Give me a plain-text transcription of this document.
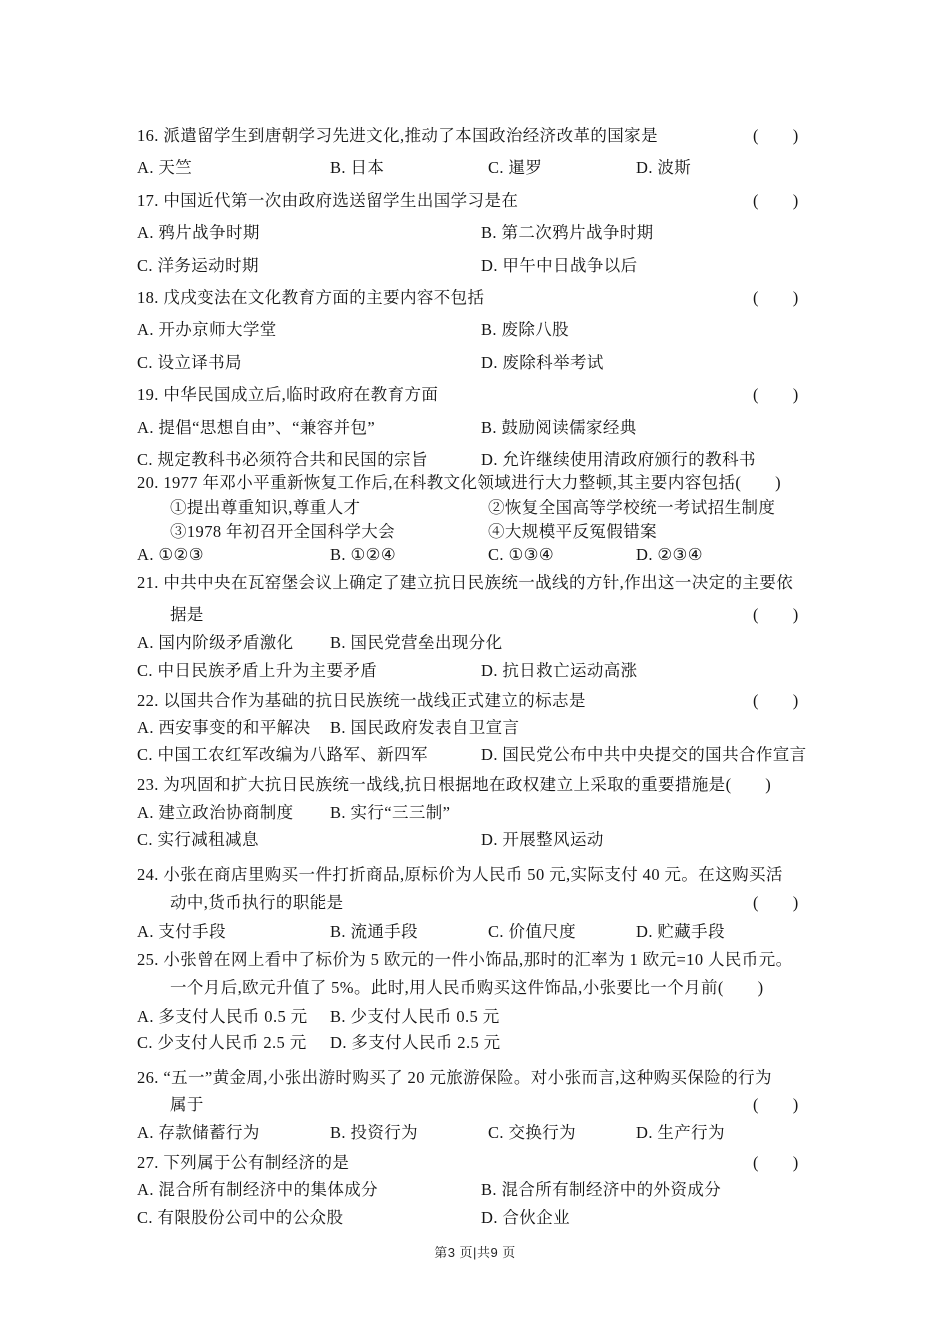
第3 页|共9 页
16. 派遣留学生到唐朝学习先进文化,推动了本国政治经济改革的国家是	(　　)
A. 天竺	B. 日本	C. 暹罗	D. 波斯
17. 中国近代第一次由政府选送留学生出国学习是在	(　　)
A. 鸦片战争时期	B. 第二次鸦片战争时期
C. 洋务运动时期	D. 甲午中日战争以后
18. 戊戌变法在文化教育方面的主要内容不包括	(　　)
A. 开办京师大学堂	B. 废除八股
C. 设立译书局	D. 废除科举考试
19. 中华民国成立后,临时政府在教育方面	(　　)
A. 提倡“思想自由”、“兼容并包”	B. 鼓励阅读儒家经典
C. 规定教科书必须符合共和民国的宗旨	D. 允许继续使用清政府颁行的教科书
20. 1977 年邓小平重新恢复工作后,在科教文化领域进行大力整顿,其主要内容包括(　　)
①提出尊重知识,尊重人才	②恢复全国高等学校统一考试招生制度
③1978 年初召开全国科学大会	④大规模平反冤假错案
A. ①②③	B. ①②④	C. ①③④	D. ②③④
21. 中共中央在瓦窑堡会议上确定了建立抗日民族统一战线的方针,作出这一决定的主要依
据是	(　　)
A. 国内阶级矛盾激化 B. 国民党营垒出现分化
C. 中日民族矛盾上升为主要矛盾	D. 抗日救亡运动高涨
22. 以国共合作为基础的抗日民族统一战线正式建立的标志是	(　　)
A. 西安事变的和平解决 B. 国民政府发表自卫宣言
C. 中国工农红军改编为八路军、新四军	D. 国民党公布中共中央提交的国共合作宣言
23. 为巩固和扩大抗日民族统一战线,抗日根据地在政权建立上采取的重要措施是(　　)
A. 建立政治协商制度 B. 实行“三三制”
C. 实行减租减息	D. 开展整风运动
24. 小张在商店里购买一件打折商品,原标价为人民币 50 元,实际支付 40 元。在这购买活
动中,货币执行的职能是	(　　)
A. 支付手段	B. 流通手段	C. 价值尺度	D. 贮藏手段
25. 小张曾在网上看中了标价为 5 欧元的一件小饰品,那时的汇率为 1 欧元=10 人民币元。
一个月后,欧元升值了 5%。此时,用人民币购买这件饰品,小张要比一个月前(　　)
A. 多支付人民币 0.5 元 B. 少支付人民币 0.5 元
C. 少支付人民币 2.5 元 D. 多支付人民币 2.5 元
26. “五一”黄金周,小张出游时购买了 20 元旅游保险。对小张而言,这种购买保险的行为
属于	(　　)
A. 存款储蓄行为	B. 投资行为	C. 交换行为	D. 生产行为
27. 下列属于公有制经济的是	(　　)
A. 混合所有制经济中的集体成分	B. 混合所有制经济中的外资成分
C. 有限股份公司中的公众股	D. 合伙企业
